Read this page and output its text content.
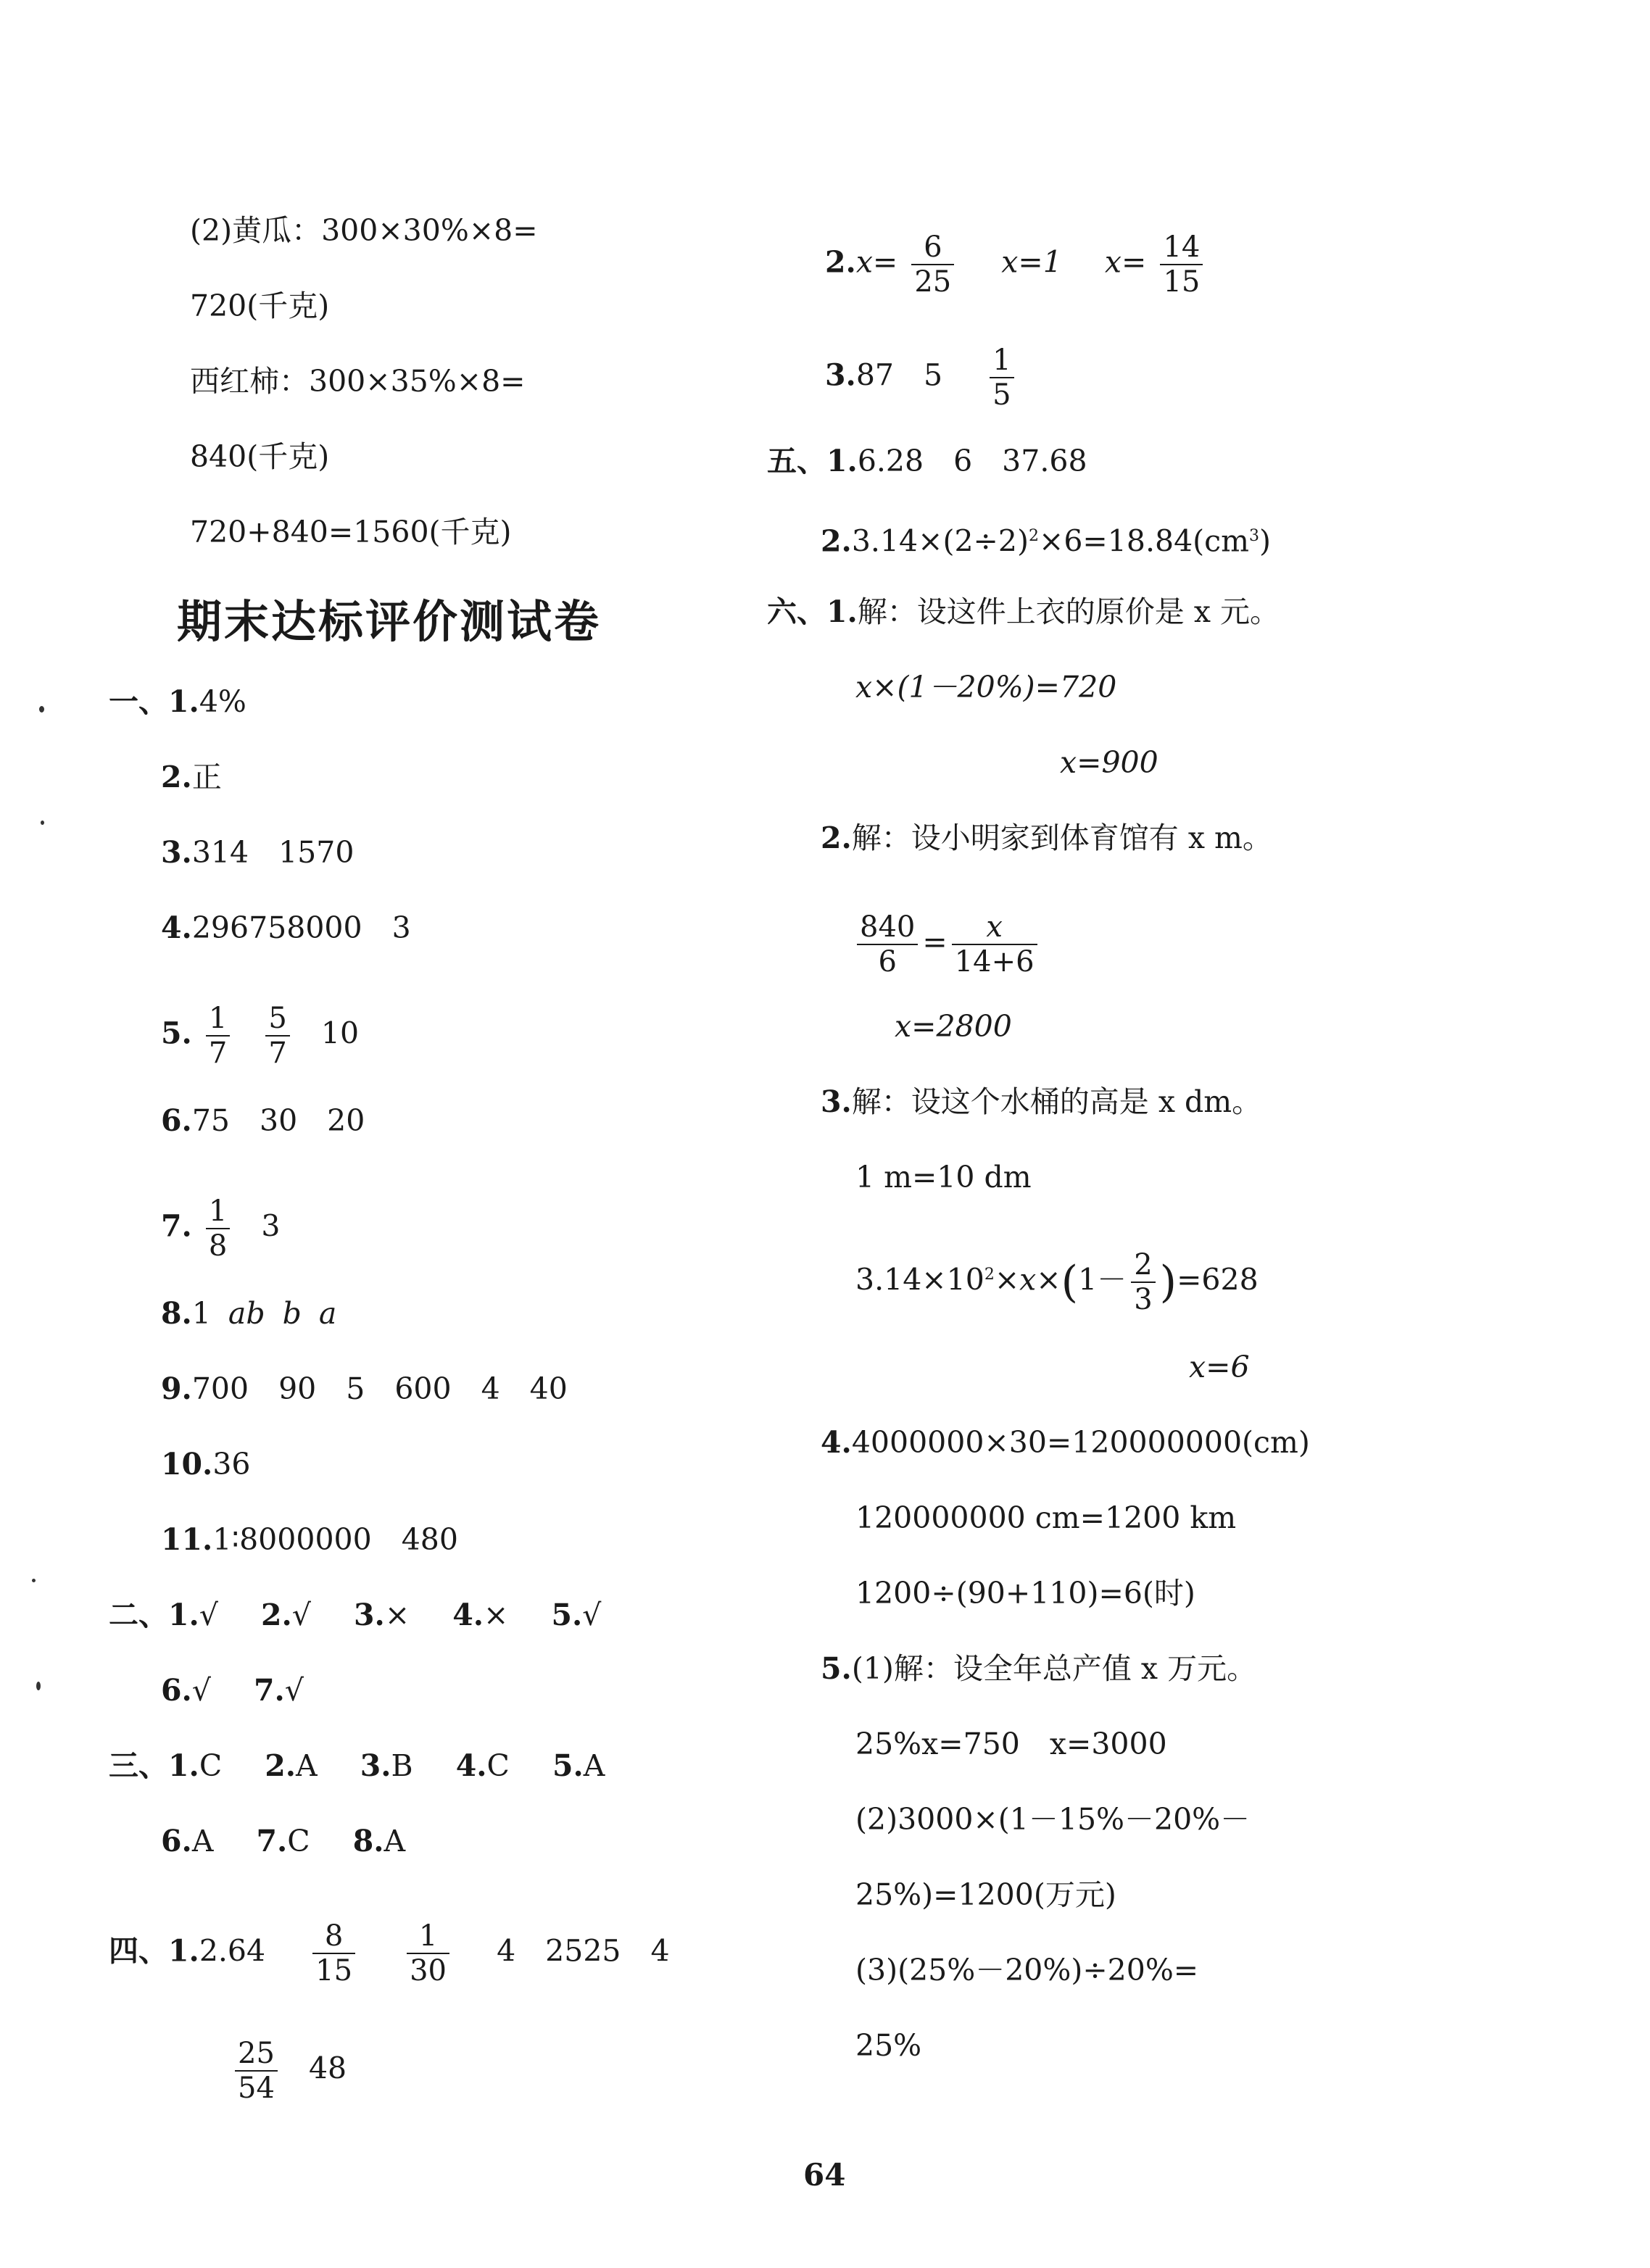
(2)黄瓜：300×30%×8=
720(千克)
西红柿：300×35%×8=
840(千克)
720+840=1560(千克)
期末达标评价测试卷
一、1.4%
2.正
3.314　1570
4.296758000　3
5. $\frac{1}{7}$
$\frac{5}{7} 10$
6.75　30　20
7. $\frac{1}{8} 3$
8.1 ab b a
9.700　90　5　600　4　40
10.36
11.1∶8000000　480
二、1.√ 2.√ 3.× 4.× 5.√
6.√ 7.√
三、1.C 2.A 3.B 4.C 5.A
6.A 7.C 8.A
四、$1.2.64 \frac{8}{15}$
$\frac{1}{30} 4$　2525　4
$\frac{25}{54} 48$
$2.x= \frac{6}{25} x=1$ $x= \frac{14}{15}$
3.87　$5 \frac{1}{5}$
五、1.6.28　6　37.68
$2.3.14\times(2\div 2)^2\times 6=18.84(cm^3)$
六、1.解：设这件上衣的原价是 x 元。
x×(1－20%)=720
x=900
2.解：设小明家到体育馆有 x m。
$\frac{840}{6} = \frac{x}{14+6}$
x=2800
3.解：设这个水桶的高是 x dm。
1 m=10 dm
$3.14\times 10^2\times x\times(1- \frac{2}{3} )=628$
x=6
4.4000000×30=120000000(cm)
120000000 cm=1200 km
1200÷(90+110)=6(时)
5.(1)解：设全年总产值 x 万元。
25%x=750　x=3000
(2)3000×(1－15%－20%－
25%)=1200(万元)
(3)(25%－20%)÷20%=
25%
64
